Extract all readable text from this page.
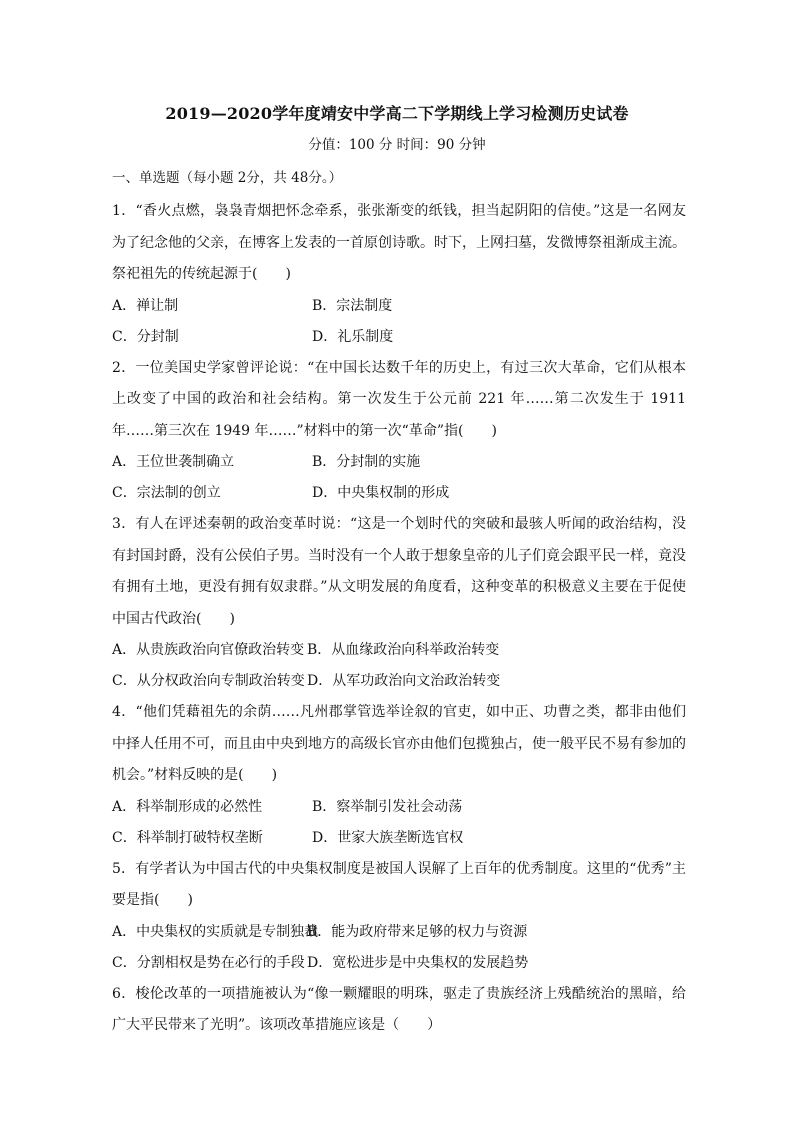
2019—2020学年度靖安中学高二下学期线上学习检测历史试卷
分值：100 分 时间：90 分钟
一、单选题（每小题 2分，共 48分。）
1．“香火点燃，袅袅青烟把怀念牵系，张张渐变的纸钱，担当起阴阳的信使。”这是一名网友为了纪念他的父亲，在博客上发表的一首原创诗歌。时下，上网扫墓，发微博祭祖渐成主流。祭祀祖先的传统起源于(　　)
A．禅让制	B．宗法制度
C．分封制	D．礼乐制度
2．一位美国史学家曾评论说：“在中国长达数千年的历史上，有过三次大革命，它们从根本上改变了中国的政治和社会结构。第一次发生于公元前 221 年……第二次发生于 1911 年……第三次在 1949 年……”材料中的第一次“革命”指(　　)
A．王位世袭制确立	B．分封制的实施
C．宗法制的创立	D．中央集权制的形成
3．有人在评述秦朝的政治变革时说：“这是一个划时代的突破和最骇人听闻的政治结构，没有封国封爵，没有公侯伯子男。当时没有一个人敢于想象皇帝的儿子们竟会跟平民一样，竟没有拥有土地，更没有拥有奴隶群。”从文明发展的角度看，这种变革的积极意义主要在于促使中国古代政治(　　)
A．从贵族政治向官僚政治转变 B．从血缘政治向科举政治转变
C．从分权政治向专制政治转变 D．从军功政治向文治政治转变
4．“他们凭藉祖先的余荫……凡州郡掌管选举诠叙的官吏，如中正、功曹之类，都非由他们中择人任用不可，而且由中央到地方的高级长官亦由他们包揽独占，使一般平民不易有参加的机会。”材料反映的是(　　)
A．科举制形成的必然性	B．察举制引发社会动荡
C．科举制打破特权垄断	D．世家大族垄断选官权
5．有学者认为中国古代的中央集权制度是被国人误解了上百年的优秀制度。这里的“优秀”主要是指(　　)
A．中央集权的实质就是专制独裁
B．能为政府带来足够的权力与资源
C．分割相权是势在必行的手段 D．宽松进步是中央集权的发展趋势
6．梭伦改革的一项措施被认为“像一颗耀眼的明珠，驱走了贵族经济上残酷统治的黑暗，给广大平民带来了光明”。该项改革措施应该是（　　）
